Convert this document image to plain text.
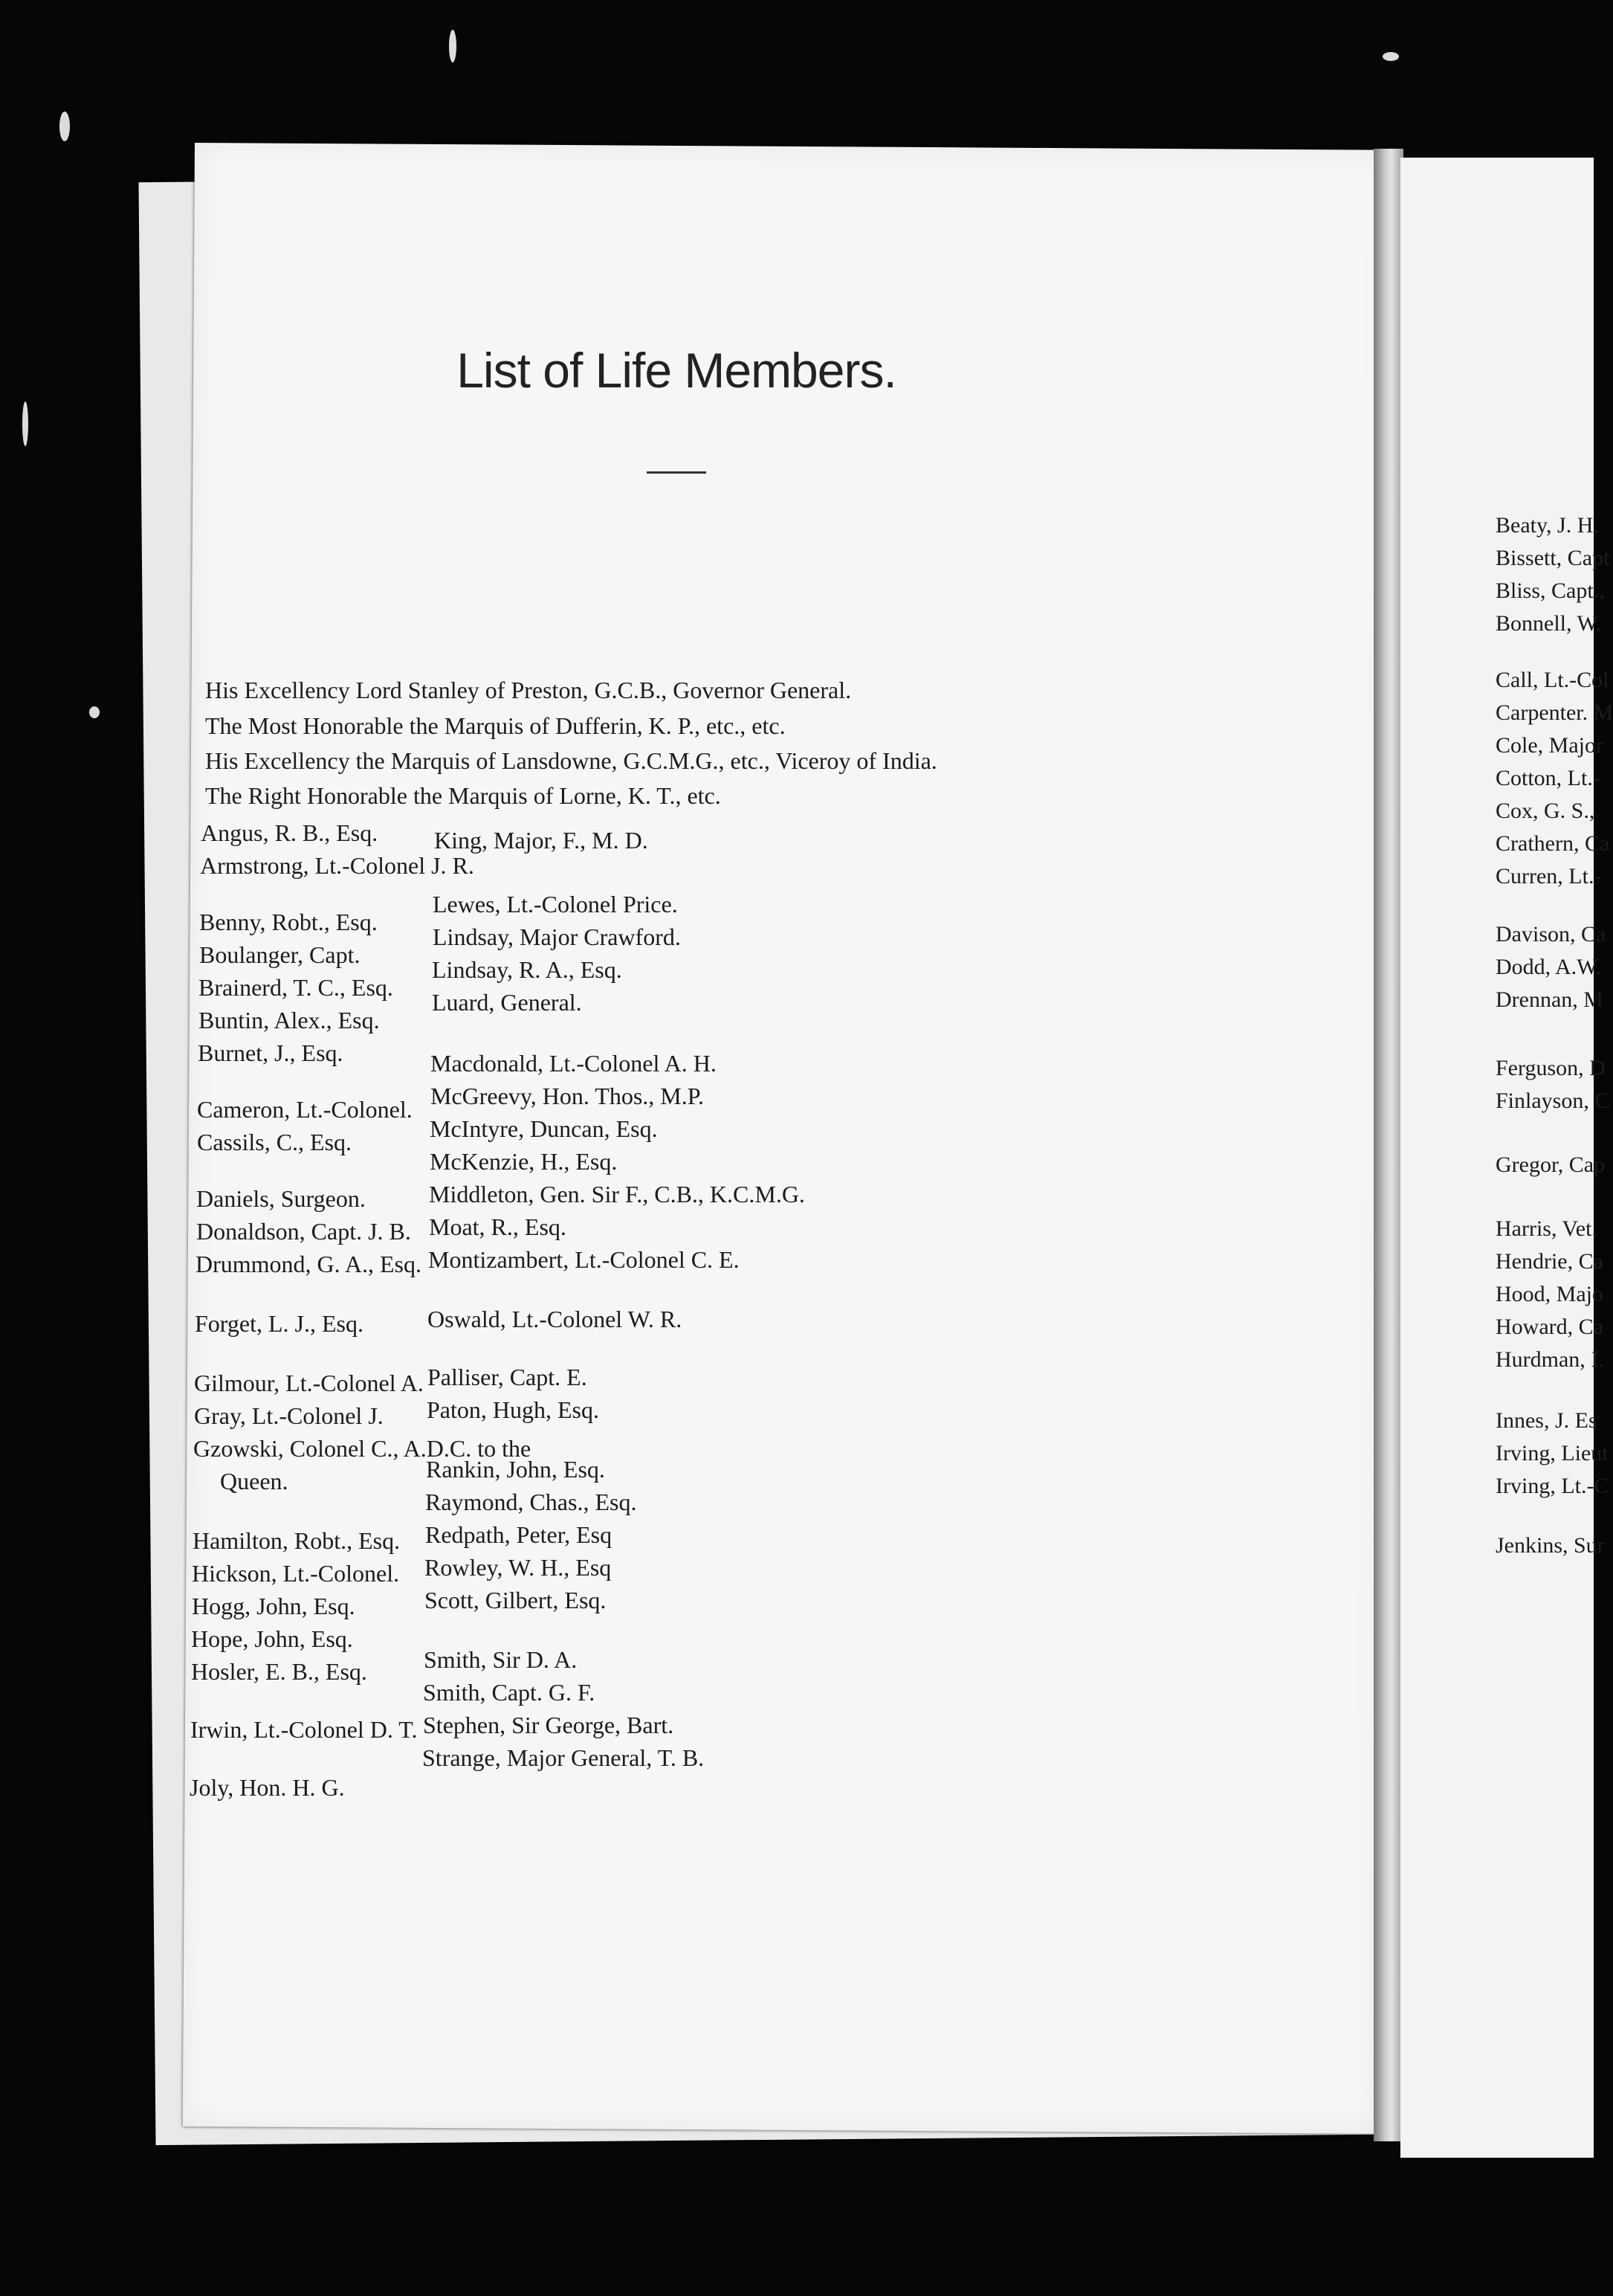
List of Life Members.
His Excellency Lord Stanley of Preston, G.C.B., Governor General.
The Most Honorable the Marquis of Dufferin, K. P., etc., etc.
His Excellency the Marquis of Lansdowne, G.C.M.G., etc., Viceroy of India.
The Right Honorable the Marquis of Lorne, K. T., etc.
Angus, R. B., Esq.
Armstrong, Lt.-Colonel J. R.
Benny, Robt., Esq.
Boulanger, Capt.
Brainerd, T. C., Esq.
Buntin, Alex., Esq.
Burnet, J., Esq.
Cameron, Lt.-Colonel.
Cassils, C., Esq.
Daniels, Surgeon.
Donaldson, Capt. J. B.
Drummond, G. A., Esq.
Forget, L. J., Esq.
Gilmour, Lt.-Colonel A.
Gray, Lt.-Colonel J.
Gzowski, Colonel C., A.D.C. to the
Queen.
Hamilton, Robt., Esq.
Hickson, Lt.-Colonel.
Hogg, John, Esq.
Hope, John, Esq.
Hosler, E. B., Esq.
Irwin, Lt.-Colonel D. T.
Joly, Hon. H. G.
King, Major, F., M. D.
Lewes, Lt.-Colonel Price.
Lindsay, Major Crawford.
Lindsay, R. A., Esq.
Luard, General.
Macdonald, Lt.-Colonel A. H.
McGreevy, Hon. Thos., M.P.
McIntyre, Duncan, Esq.
McKenzie, H., Esq.
Middleton, Gen. Sir F., C.B., K.C.M.G.
Moat, R., Esq.
Montizambert, Lt.-Colonel C. E.
Oswald, Lt.-Colonel W. R.
Palliser, Capt. E.
Paton, Hugh, Esq.
Rankin, John, Esq.
Raymond, Chas., Esq.
Redpath, Peter, Esq
Rowley, W. H., Esq
Scott, Gilbert, Esq.
Smith, Sir D. A.
Smith, Capt. G. F.
Stephen, Sir George, Bart.
Strange, Major General, T. B.
Beaty, J. H.
Bissett, Capt
Bliss, Capt.,
Bonnell, W.
Call, Lt.-Col
Carpenter. M
Cole, Major
Cotton, Lt.-
Cox, G. S.,
Crathern, Ca
Curren, Lt.-
Davison, Ca
Dodd, A.W.
Drennan, M
Ferguson, D
Finlayson, C
Gregor, Cap
Harris, Vet.
Hendrie, Ca
Hood, Majo
Howard, Ca
Hurdman, I.
Innes, J. Es
Irving, Lieut
Irving, Lt.-C
Jenkins, Sur
